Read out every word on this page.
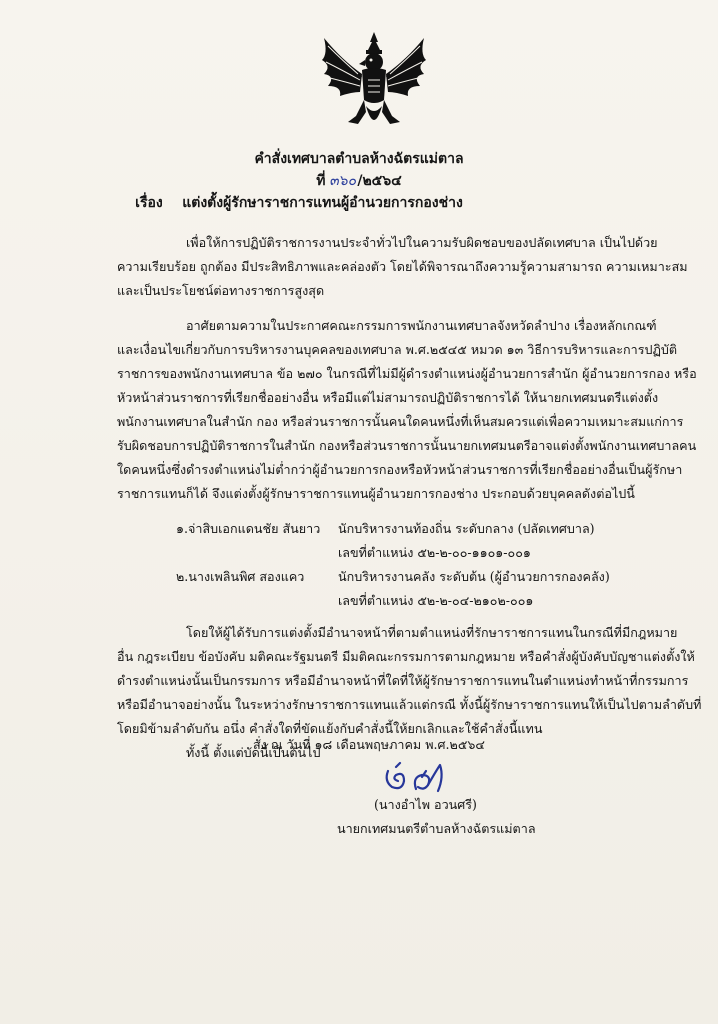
คำสั่งเทศบาลตำบลห้างฉัตรแม่ตาล
ที่ ๓๖๐/๒๕๖๔
เรื่อง แต่งตั้งผู้รักษาราชการแทนผู้อำนวยการกองช่าง
เพื่อให้การปฏิบัติราชการงานประจำทั่วไปในความรับผิดชอบของปลัดเทศบาล เป็นไปด้วย
ความเรียบร้อย ถูกต้อง มีประสิทธิภาพและคล่องตัว โดยได้พิจารณาถึงความรู้ความสามารถ ความเหมาะสม
และเป็นประโยชน์ต่อทางราชการสูงสุด
อาศัยตามความในประกาศคณะกรรมการพนักงานเทศบาลจังหวัดลำปาง เรื่องหลักเกณฑ์
และเงื่อนไขเกี่ยวกับการบริหารงานบุคคลของเทศบาล พ.ศ.๒๕๔๕ หมวด ๑๓ วิธีการบริหารและการปฏิบัติ
ราชการของพนักงานเทศบาล ข้อ ๒๗๐ ในกรณีที่ไม่มีผู้ดำรงตำแหน่งผู้อำนวยการสำนัก ผู้อำนวยการกอง หรือ
หัวหน้าส่วนราชการที่เรียกชื่ออย่างอื่น หรือมีแต่ไม่สามารถปฏิบัติราชการได้ ให้นายกเทศมนตรีแต่งตั้ง
พนักงานเทศบาลในสำนัก กอง หรือส่วนราชการนั้นคนใดคนหนึ่งที่เห็นสมควรแต่เพื่อความเหมาะสมแก่การ
รับผิดชอบการปฏิบัติราชการในสำนัก กองหรือส่วนราชการนั้นนายกเทศมนตรีอาจแต่งตั้งพนักงานเทศบาลคน
ใดคนหนึ่งซึ่งดำรงตำแหน่งไม่ต่ำกว่าผู้อำนวยการกองหรือหัวหน้าส่วนราชการที่เรียกชื่ออย่างอื่นเป็นผู้รักษา
ราชการแทนก็ได้ จึงแต่งตั้งผู้รักษาราชการแทนผู้อำนวยการกองช่าง ประกอบด้วยบุคคลดังต่อไปนี้
๑.จ่าสิบเอกแดนชัย สันยาว นักบริหารงานท้องถิ่น ระดับกลาง (ปลัดเทศบาล)
เลขที่ตำแหน่ง ๕๒-๒-๐๐-๑๑๐๑-๐๐๑
๒.นางเพลินพิศ สองแคว	นักบริหารงานคลัง ระดับต้น (ผู้อำนวยการกองคลัง)
เลขที่ตำแหน่ง ๕๒-๒-๐๔-๒๑๐๒-๐๐๑
โดยให้ผู้ได้รับการแต่งตั้งมีอำนาจหน้าที่ตามตำแหน่งที่รักษาราชการแทนในกรณีที่มีกฎหมาย
อื่น กฎระเบียบ ข้อบังคับ มติคณะรัฐมนตรี มีมติคณะกรรมการตามกฎหมาย หรือคำสั่งผู้บังคับบัญชาแต่งตั้งให้
ดำรงตำแหน่งนั้นเป็นกรรมการ หรือมีอำนาจหน้าที่ใดที่ให้ผู้รักษาราชการแทนในตำแหน่งทำหน้าที่กรรมการ
หรือมีอำนาจอย่างนั้น ในระหว่างรักษาราชการแทนแล้วแต่กรณี ทั้งนี้ผู้รักษาราชการแทนให้เป็นไปตามลำดับที่
โดยมิข้ามลำดับกัน อนึ่ง คำสั่งใดที่ขัดแย้งกับคำสั่งนี้ให้ยกเลิกและใช้คำสั่งนี้แทน
ทั้งนี้ ตั้งแต่บัดนี้เป็นต้นไป
สั่ง ณ วันที่ ๑๘ เดือนพฤษภาคม พ.ศ.๒๕๖๔
(นางอำไพ อวนศรี)
นายกเทศมนตรีตำบลห้างฉัตรแม่ตาล
